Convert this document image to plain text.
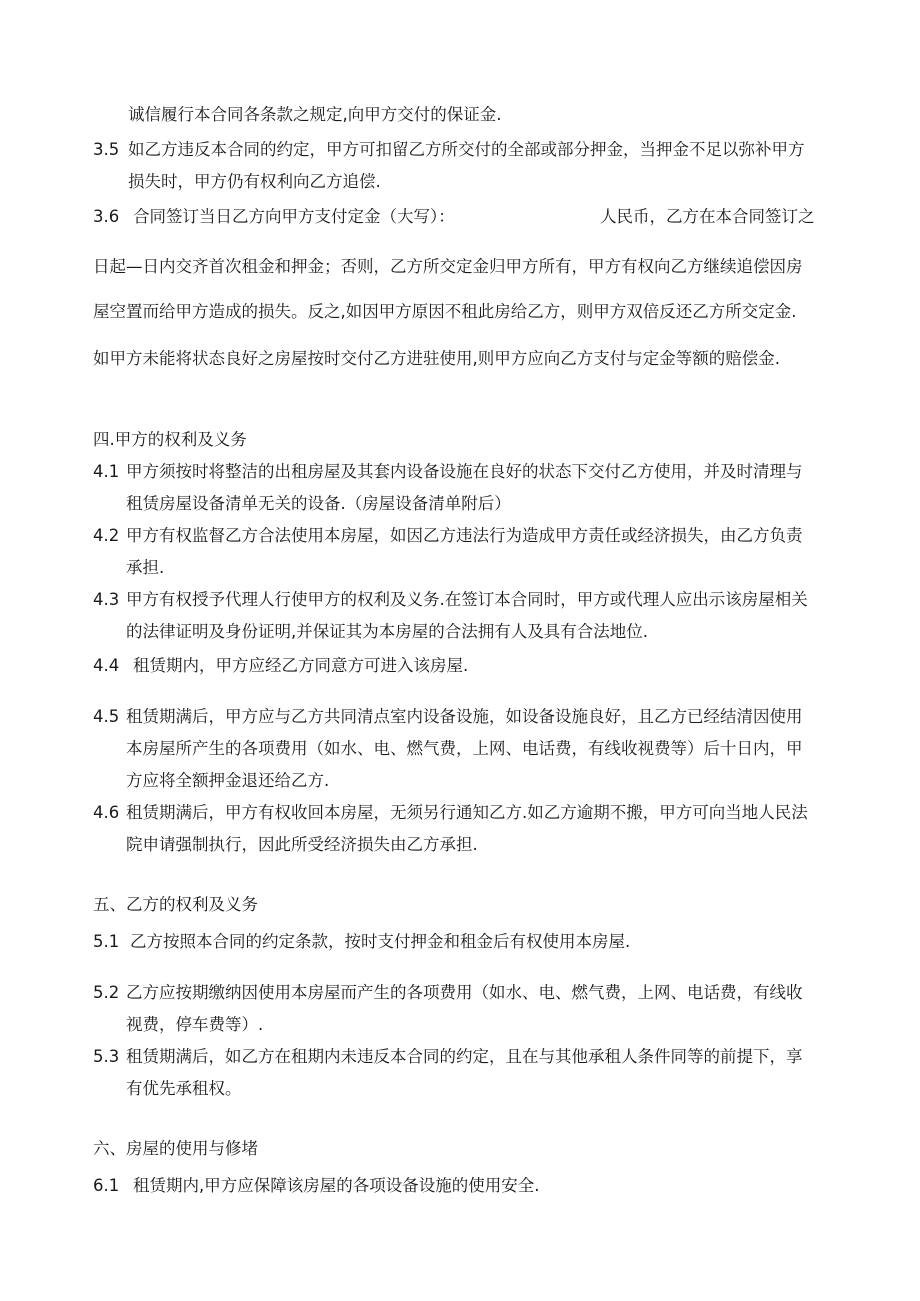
诚信履行本合同各条款之规定,向甲方交付的保证金.
3.5 如乙方违反本合同的约定，甲方可扣留乙方所交付的全部或部分押金，当押金不足以弥补甲方
损失时，甲方仍有权利向乙方追偿.
3.6 合同签订当日乙方向甲方支付定金（大写）：	人民币，乙方在本合同签订之
日起—日内交齐首次租金和押金；否则，乙方所交定金归甲方所有，甲方有权向乙方继续追偿因房
屋空置而给甲方造成的损失。反之,如因甲方原因不租此房给乙方，则甲方双倍反还乙方所交定金.
如甲方未能将状态良好之房屋按时交付乙方进驻使用,则甲方应向乙方支付与定金等额的赔偿金.
四.甲方的权利及义务
4.1 甲方须按时将整洁的出租房屋及其套内设备设施在良好的状态下交付乙方使用，并及时清理与
租赁房屋设备清单无关的设备.（房屋设备清单附后）
4.2 甲方有权监督乙方合法使用本房屋，如因乙方违法行为造成甲方责任或经济损失，由乙方负责
承担.
4.3 甲方有权授予代理人行使甲方的权利及义务.在签订本合同时，甲方或代理人应出示该房屋相关
的法律证明及身份证明,并保证其为本房屋的合法拥有人及具有合法地位.
4.4 租赁期内，甲方应经乙方同意方可进入该房屋.
4.5 租赁期满后，甲方应与乙方共同清点室内设备设施，如设备设施良好，且乙方已经结清因使用
本房屋所产生的各项费用（如水、电、燃气费，上网、电话费，有线收视费等）后十日内，甲
方应将全额押金退还给乙方.
4.6 租赁期满后，甲方有权收回本房屋，无须另行通知乙方.如乙方逾期不搬，甲方可向当地人民法
院申请强制执行，因此所受经济损失由乙方承担.
五、乙方的权利及义务
5.1 乙方按照本合同的约定条款，按时支付押金和租金后有权使用本房屋.
5.2 乙方应按期缴纳因使用本房屋而产生的各项费用（如水、电、燃气费，上网、电话费，有线收
视费，停车费等）.
5.3 租赁期满后，如乙方在租期内未违反本合同的约定，且在与其他承租人条件同等的前提下，享
有优先承租权。
六、房屋的使用与修堵
6.1 租赁期内,甲方应保障该房屋的各项设备设施的使用安全.
